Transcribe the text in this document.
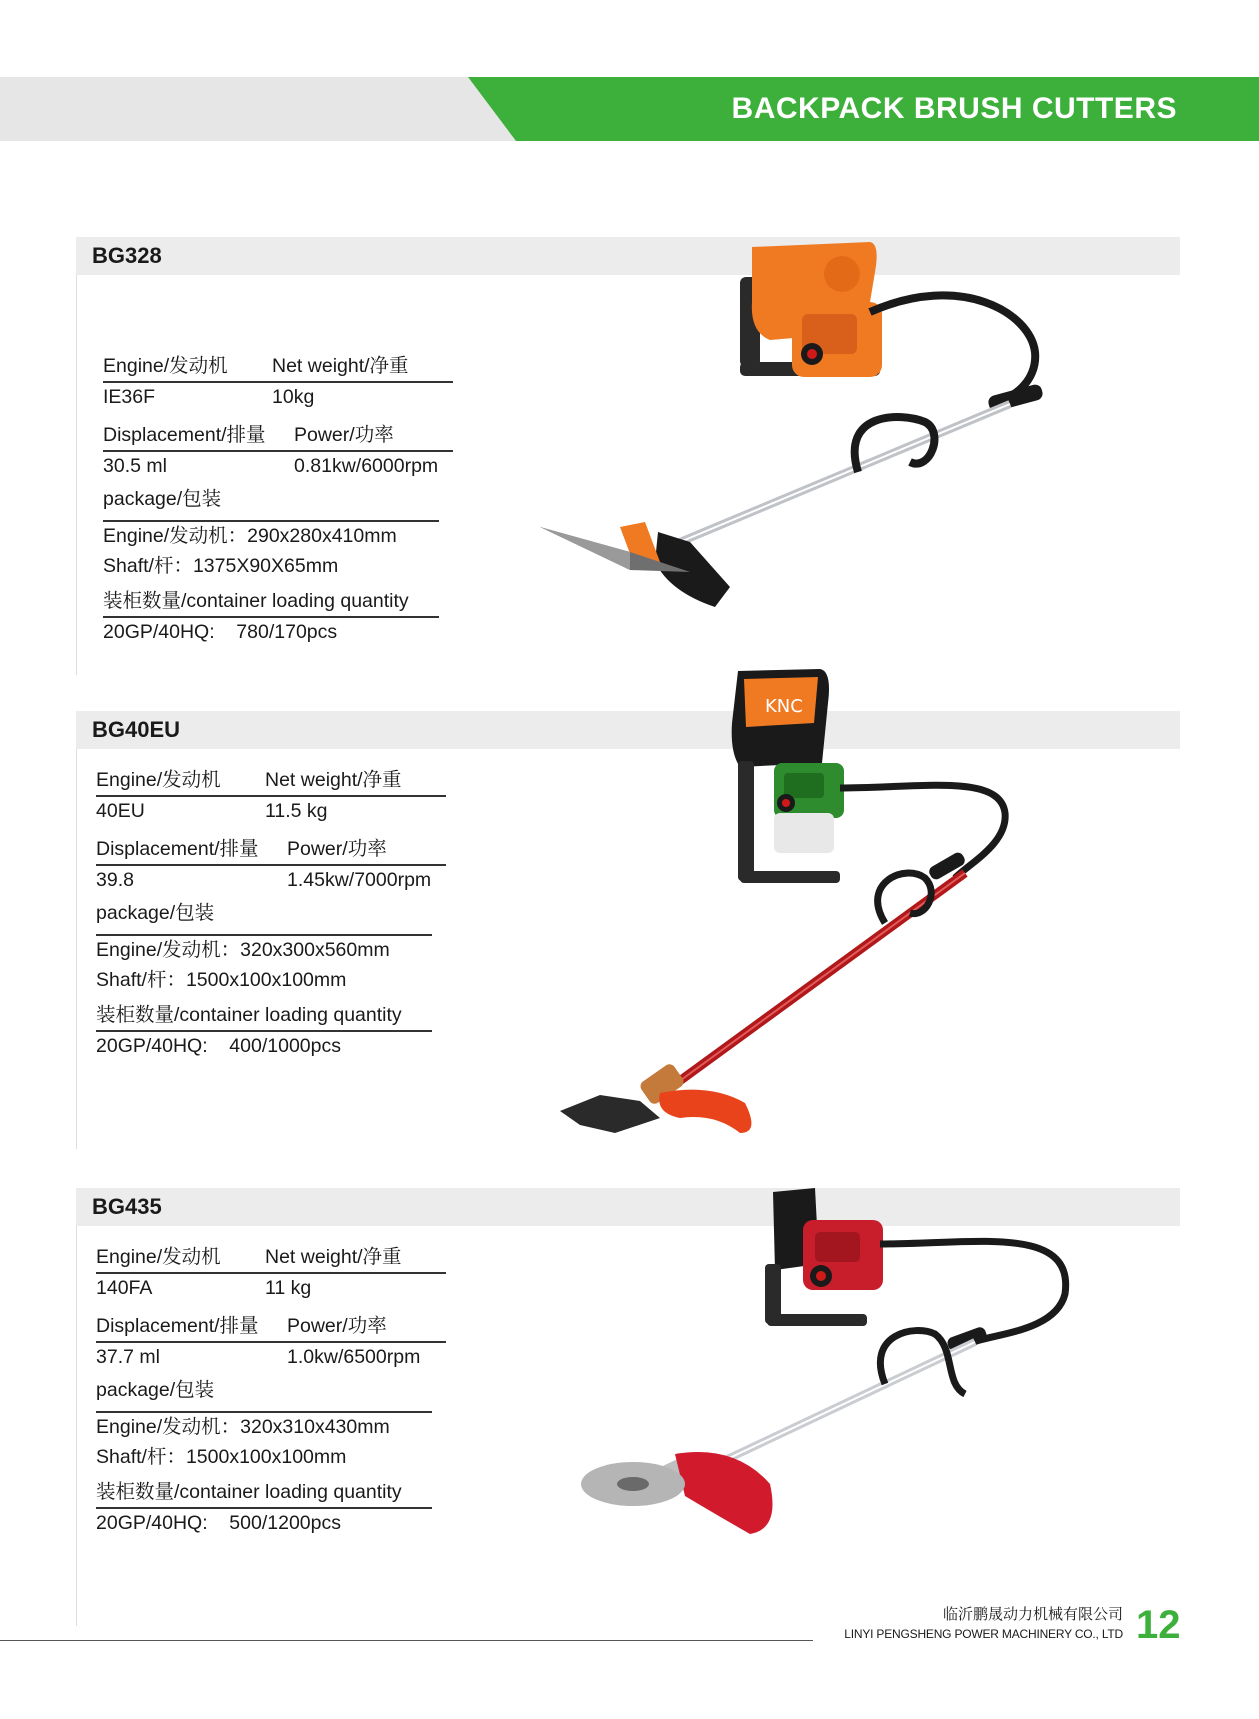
BACKPACK BRUSH CUTTERS
BG328
Engine/发动机 Net weight/净重
IE36F	10kg
Displacement/排量 Power/功率
30.5 ml	0.81kw/6000rpm
package/包装
Engine/发动机：290x280x410mm
Shaft/杆：1375X90X65mm
装柜数量/container loading quantity
20GP/40HQ:    780/170pcs
BG40EU
Engine/发动机 Net weight/净重
40EU	11.5 kg
Displacement/排量 Power/功率
39.8	1.45kw/7000rpm
package/包装
Engine/发动机：320x300x560mm
Shaft/杆：1500x100x100mm
装柜数量/container loading quantity
20GP/40HQ:    400/1000pcs
KNC
BG435
Engine/发动机 Net weight/净重
140FA	11 kg
Displacement/排量 Power/功率
37.7 ml	1.0kw/6500rpm
package/包装
Engine/发动机：320x310x430mm
Shaft/杆：1500x100x100mm
装柜数量/container loading quantity
20GP/40HQ:    500/1200pcs
临沂鹏晟动力机械有限公司
LINYI PENGSHENG POWER MACHINERY CO., LTD 12
